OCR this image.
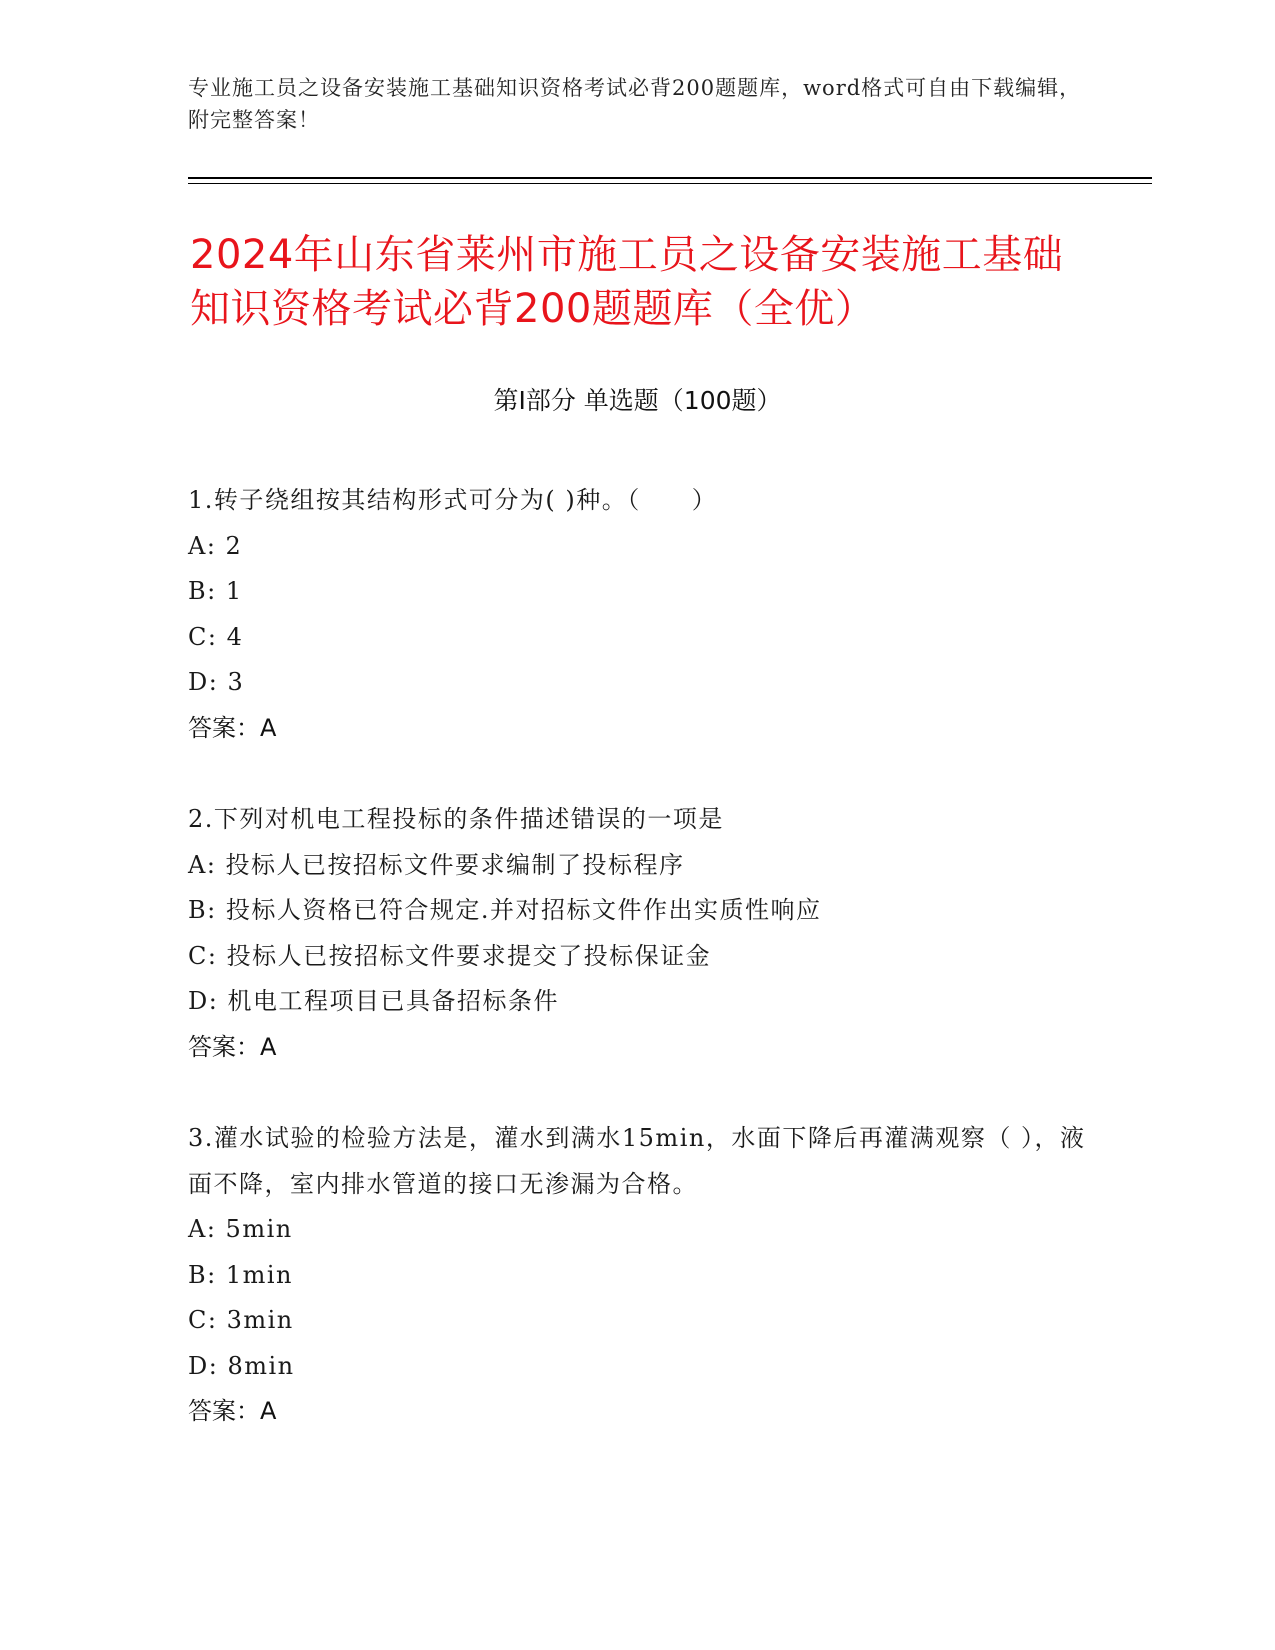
专业施工员之设备安装施工基础知识资格考试必背200题题库，word格式可自由下载编辑，附完整答案！
2024年山东省莱州市施工员之设备安装施工基础知识资格考试必背200题题库（全优）
第I部分 单选题（100题）
1.转子绕组按其结构形式可分为( )种。（　　）
A: 2
B: 1
C: 4
D: 3
答案：A
2.下列对机电工程投标的条件描述错误的一项是
A: 投标人已按招标文件要求编制了投标程序
B: 投标人资格已符合规定.并对招标文件作出实质性响应
C: 投标人已按招标文件要求提交了投标保证金
D: 机电工程项目已具备招标条件
答案：A
3.灌水试验的检验方法是，灌水到满水15min，水面下降后再灌满观察（ ），液面不降，室内排水管道的接口无渗漏为合格。
A: 5min
B: 1min
C: 3min
D: 8min
答案：A
